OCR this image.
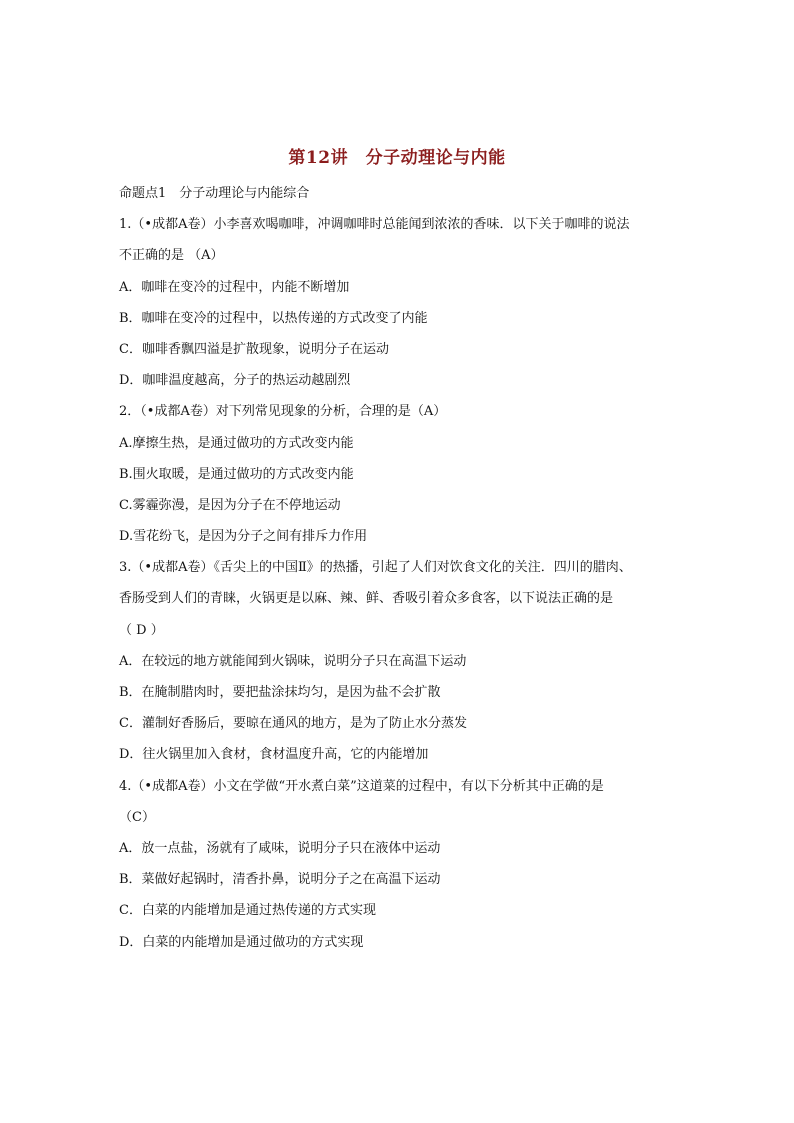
第12讲　分子动理论与内能
命题点1　分子动理论与内能综合
1.（•成都A卷）小李喜欢喝咖啡，冲调咖啡时总能闻到浓浓的香味．以下关于咖啡的说法
不正确的是 （A）
A．咖啡在变冷的过程中，内能不断增加
B．咖啡在变冷的过程中，以热传递的方式改变了内能
C．咖啡香飘四溢是扩散现象，说明分子在运动
D．咖啡温度越高，分子的热运动越剧烈
2．（•成都A卷）对下列常见现象的分析，合理的是（A）
A.摩擦生热，是通过做功的方式改变内能
B.围火取暖，是通过做功的方式改变内能
C.雾霾弥漫，是因为分子在不停地运动
D.雪花纷飞，是因为分子之间有排斥力作用
3.（•成都A卷）《舌尖上的中国Ⅱ》的热播，引起了人们对饮食文化的关注．四川的腊肉、
香肠受到人们的青睐，火锅更是以麻、辣、鲜、香吸引着众多食客，以下说法正确的是
（ D ）
A．在较远的地方就能闻到火锅味，说明分子只在高温下运动
B．在腌制腊肉时，要把盐涂抹均匀，是因为盐不会扩散
C．灌制好香肠后，要晾在通风的地方，是为了防止水分蒸发
D．往火锅里加入食材，食材温度升高，它的内能增加
4.（•成都A卷）小文在学做“开水煮白菜”这道菜的过程中，有以下分析其中正确的是
（C）
A．放一点盐，汤就有了咸味，说明分子只在液体中运动
B．菜做好起锅时，清香扑鼻，说明分子之在高温下运动
C．白菜的内能增加是通过热传递的方式实现
D．白菜的内能增加是通过做功的方式实现
